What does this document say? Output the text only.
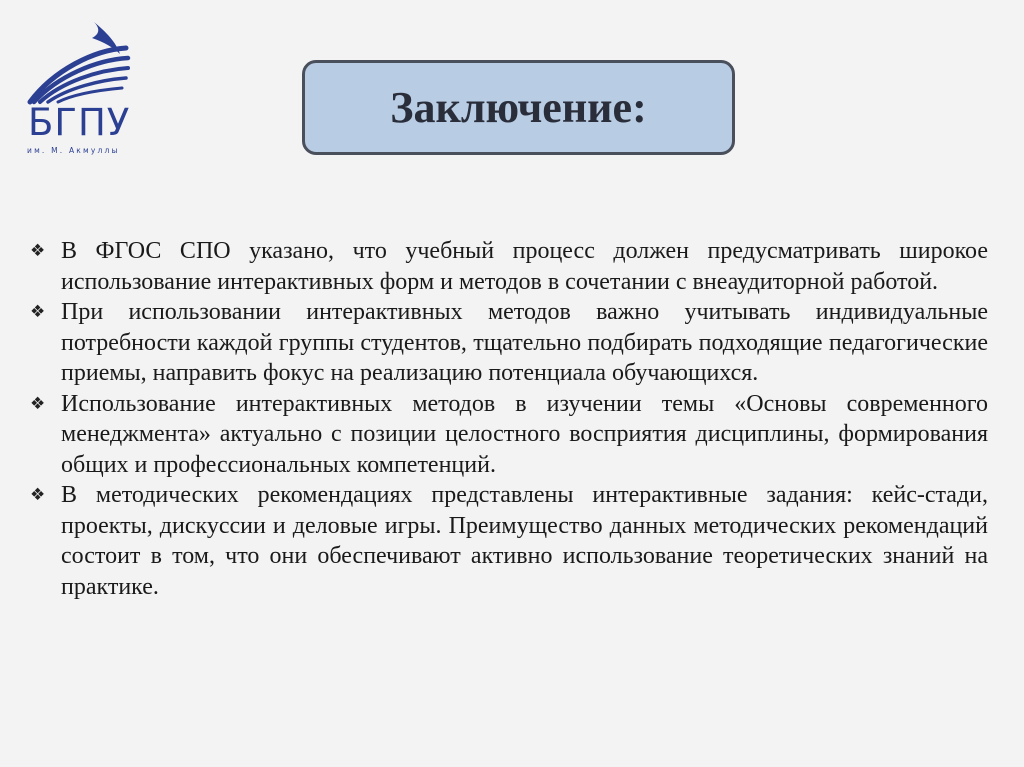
БГПУ
им. М. Акмуллы
Заключение:
❖ В ФГОС СПО указано, что учебный процесс должен предусматривать широкое использование интерактивных форм и методов в сочетании с внеаудиторной работой.
❖ При использовании интерактивных методов важно учитывать индивидуальные потребности каждой группы студентов, тщательно подбирать подходящие педагогические приемы, направить фокус на реализацию потенциала обучающихся.
❖ Использование интерактивных методов в изучении темы «Основы современного менеджмента» актуально с позиции целостного восприятия дисциплины, формирования общих и профессиональных компетенций.
❖ В методических рекомендациях представлены интерактивные задания: кейс-стади, проекты, дискуссии и деловые игры. Преимущество данных методических рекомендаций состоит в том, что они обеспечивают активно использование теоретических знаний на практике.
